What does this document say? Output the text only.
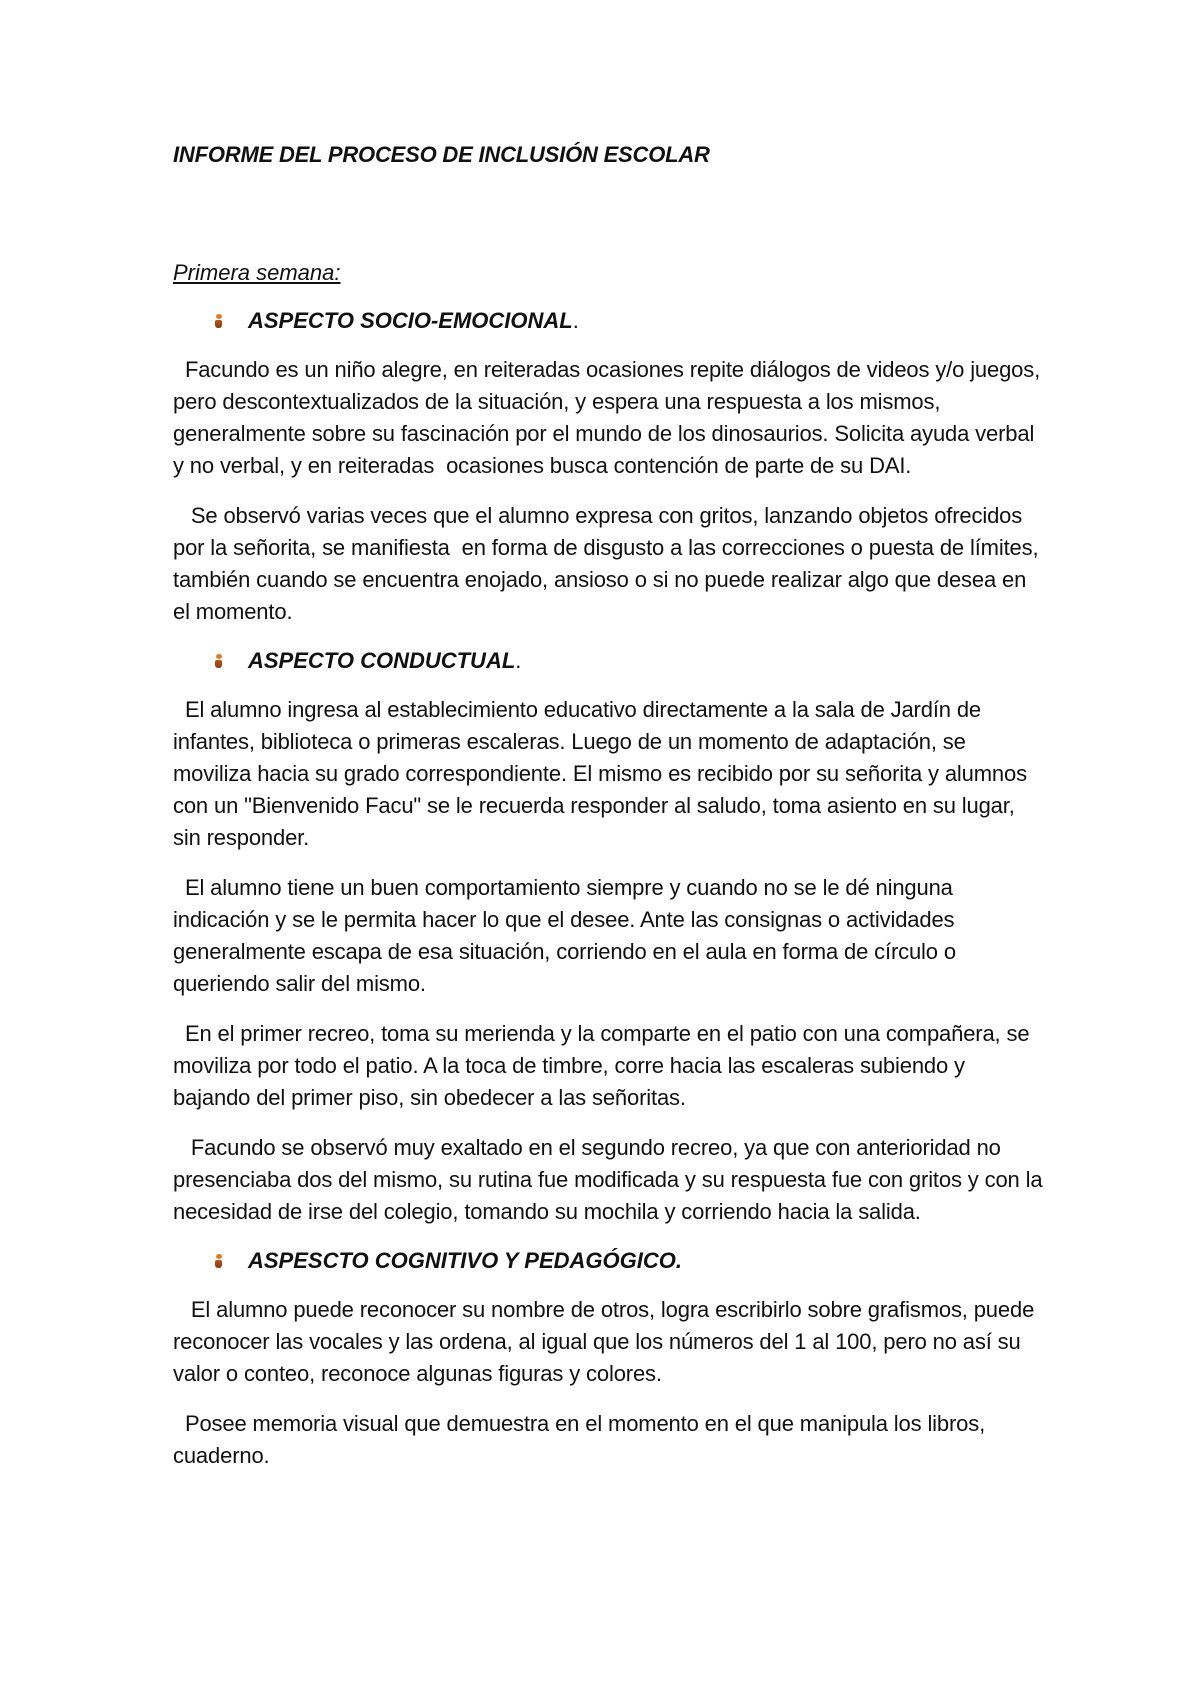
INFORME DEL PROCESO DE INCLUSIÓN ESCOLAR

Primera semana:

ASPECTO SOCIO-EMOCIONAL .

Facundo es un niño alegre, en reiteradas ocasiones repite diálogos de videos y/o juegos, pero descontextualizados de la situación, y espera una respuesta a los mismos, generalmente sobre su fascinación por el mundo de los dinosaurios. Solicita ayuda verbal y no verbal, y en reiteradas  ocasiones busca contención de parte de su DAI.

Se observó varias veces que el alumno expresa con gritos, lanzando objetos ofrecidos por la señorita, se manifiesta  en forma de disgusto a las correcciones o puesta de límites, también cuando se encuentra enojado, ansioso o si no puede realizar algo que desea en el momento.

ASPECTO CONDUCTUAL .

El alumno ingresa al establecimiento educativo directamente a la sala de Jardín de infantes, biblioteca o primeras escaleras. Luego de un momento de adaptación, se moviliza hacia su grado correspondiente. El mismo es recibido por su señorita y alumnos con un "Bienvenido Facu" se le recuerda responder al saludo, toma asiento en su lugar, sin responder.

El alumno tiene un buen comportamiento siempre y cuando no se le dé ninguna indicación y se le permita hacer lo que el desee. Ante las consignas o actividades generalmente escapa de esa situación, corriendo en el aula en forma de círculo o queriendo salir del mismo.

En el primer recreo, toma su merienda y la comparte en el patio con una compañera, se moviliza por todo el patio. A la toca de timbre, corre hacia las escaleras subiendo y bajando del primer piso, sin obedecer a las señoritas.

Facundo se observó muy exaltado en el segundo recreo, ya que con anterioridad no presenciaba dos del mismo, su rutina fue modificada y su respuesta fue con gritos y con la necesidad de irse del colegio, tomando su mochila y corriendo hacia la salida.

ASPESCTO COGNITIVO Y PEDAGÓGICO.

El alumno puede reconocer su nombre de otros, logra escribirlo sobre grafismos, puede reconocer las vocales y las ordena, al igual que los números del 1 al 100, pero no así su valor o conteo, reconoce algunas figuras y colores.

Posee memoria visual que demuestra en el momento en el que manipula los libros, cuaderno.
